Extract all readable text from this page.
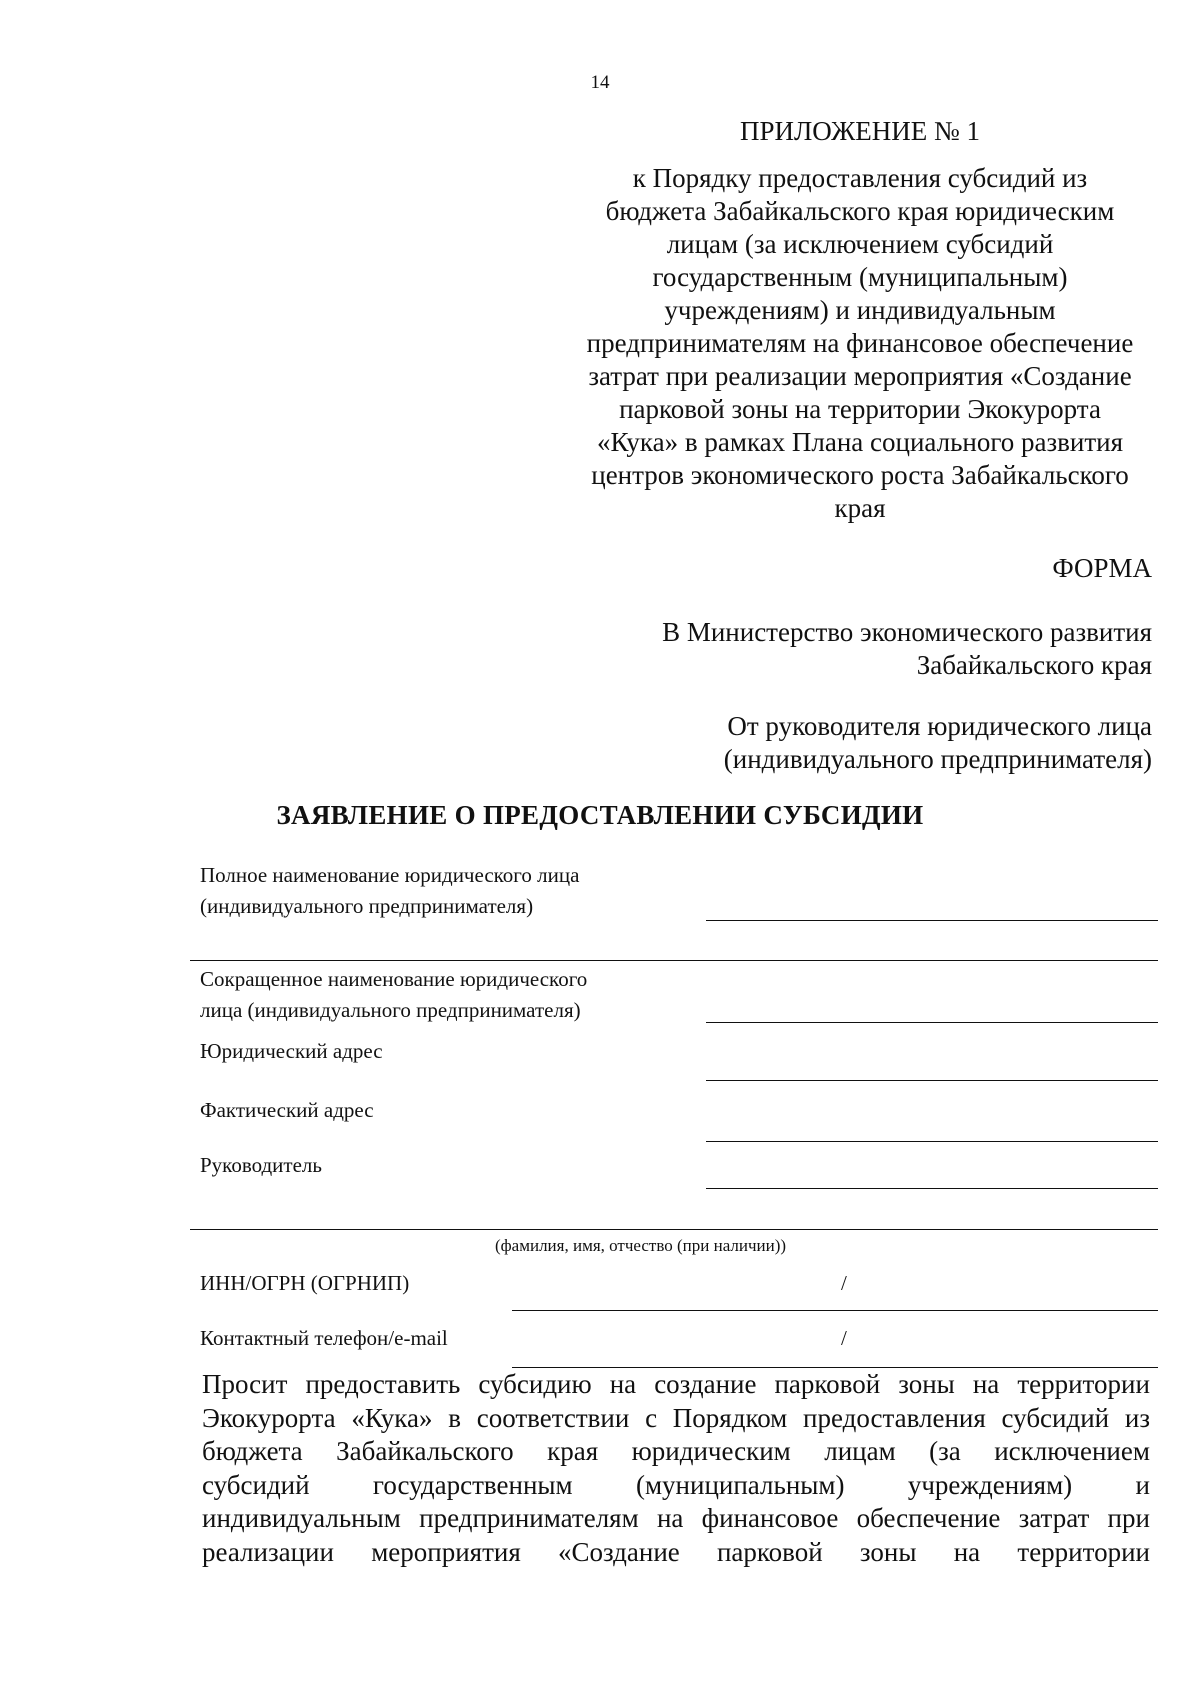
14
ПРИЛОЖЕНИЕ № 1
к Порядку предоставления субсидий из
бюджета Забайкальского края юридическим
лицам (за исключением субсидий
государственным (муниципальным)
учреждениям) и индивидуальным
предпринимателям на финансовое обеспечение
затрат при реализации мероприятия «Создание
парковой зоны на территории Экокурорта
«Кука» в рамках Плана социального развития
центров экономического роста Забайкальского
края
ФОРМА
В Министерство экономического развития
Забайкальского края
От руководителя юридического лица
(индивидуального предпринимателя)
ЗАЯВЛЕНИЕ О ПРЕДОСТАВЛЕНИИ СУБСИДИИ
Полное наименование юридического лица
(индивидуального предпринимателя)
Сокращенное наименование юридического
лица (индивидуального предпринимателя)
Юридический адрес
Фактический адрес
Руководитель
(фамилия, имя, отчество (при наличии))
ИНН/ОГРН (ОГРНИП)	/
Контактный телефон/e-mail	/
Просит предоставить субсидию на создание парковой зоны на территории
Экокурорта «Кука» в соответствии с Порядком предоставления субсидий из
бюджета Забайкальского края юридическим лицам (за исключением
субсидий государственным (муниципальным) учреждениям) и
индивидуальным предпринимателям на финансовое обеспечение затрат при
реализации мероприятия «Создание парковой зоны на территории
